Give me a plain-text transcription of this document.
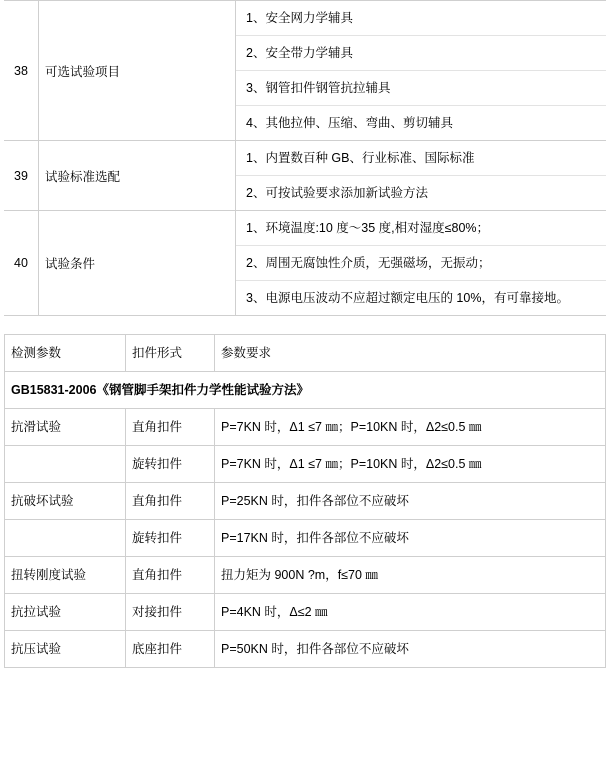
38	可选试验项目	1、安全网力学辅具
2、安全带力学辅具
3、钢管扣件钢管抗拉辅具
4、其他拉伸、压缩、弯曲、剪切辅具

39	试验标准选配	1、内置数百种 GB、行业标准、国际标准
2、可按试验要求添加新试验方法

40	试验条件	1、环境温度:10 度～35 度,相对湿度≤80%；
2、周围无腐蚀性介质，无强磁场，无振动；
3、电源电压波动不应超过额定电压的 10%，有可靠接地。
检测参数	扣件形式	参数要求
GB15831-2006《钢管脚手架扣件力学性能试验方法》		
抗滑试验	直角扣件	P=7KN 时，Δ1 ≤7 ㎜；P=10KN 时，Δ2≤0.5 ㎜
	旋转扣件	P=7KN 时，Δ1 ≤7 ㎜；P=10KN 时，Δ2≤0.5 ㎜
抗破坏试验	直角扣件	P=25KN 时，扣件各部位不应破坏
	旋转扣件	P=17KN 时，扣件各部位不应破坏
扭转刚度试验	直角扣件	扭力矩为 900N ?m，f≤70 ㎜
抗拉试验	对接扣件	P=4KN 时，Δ≤2 ㎜
抗压试验	底座扣件	P=50KN 时，扣件各部位不应破坏
